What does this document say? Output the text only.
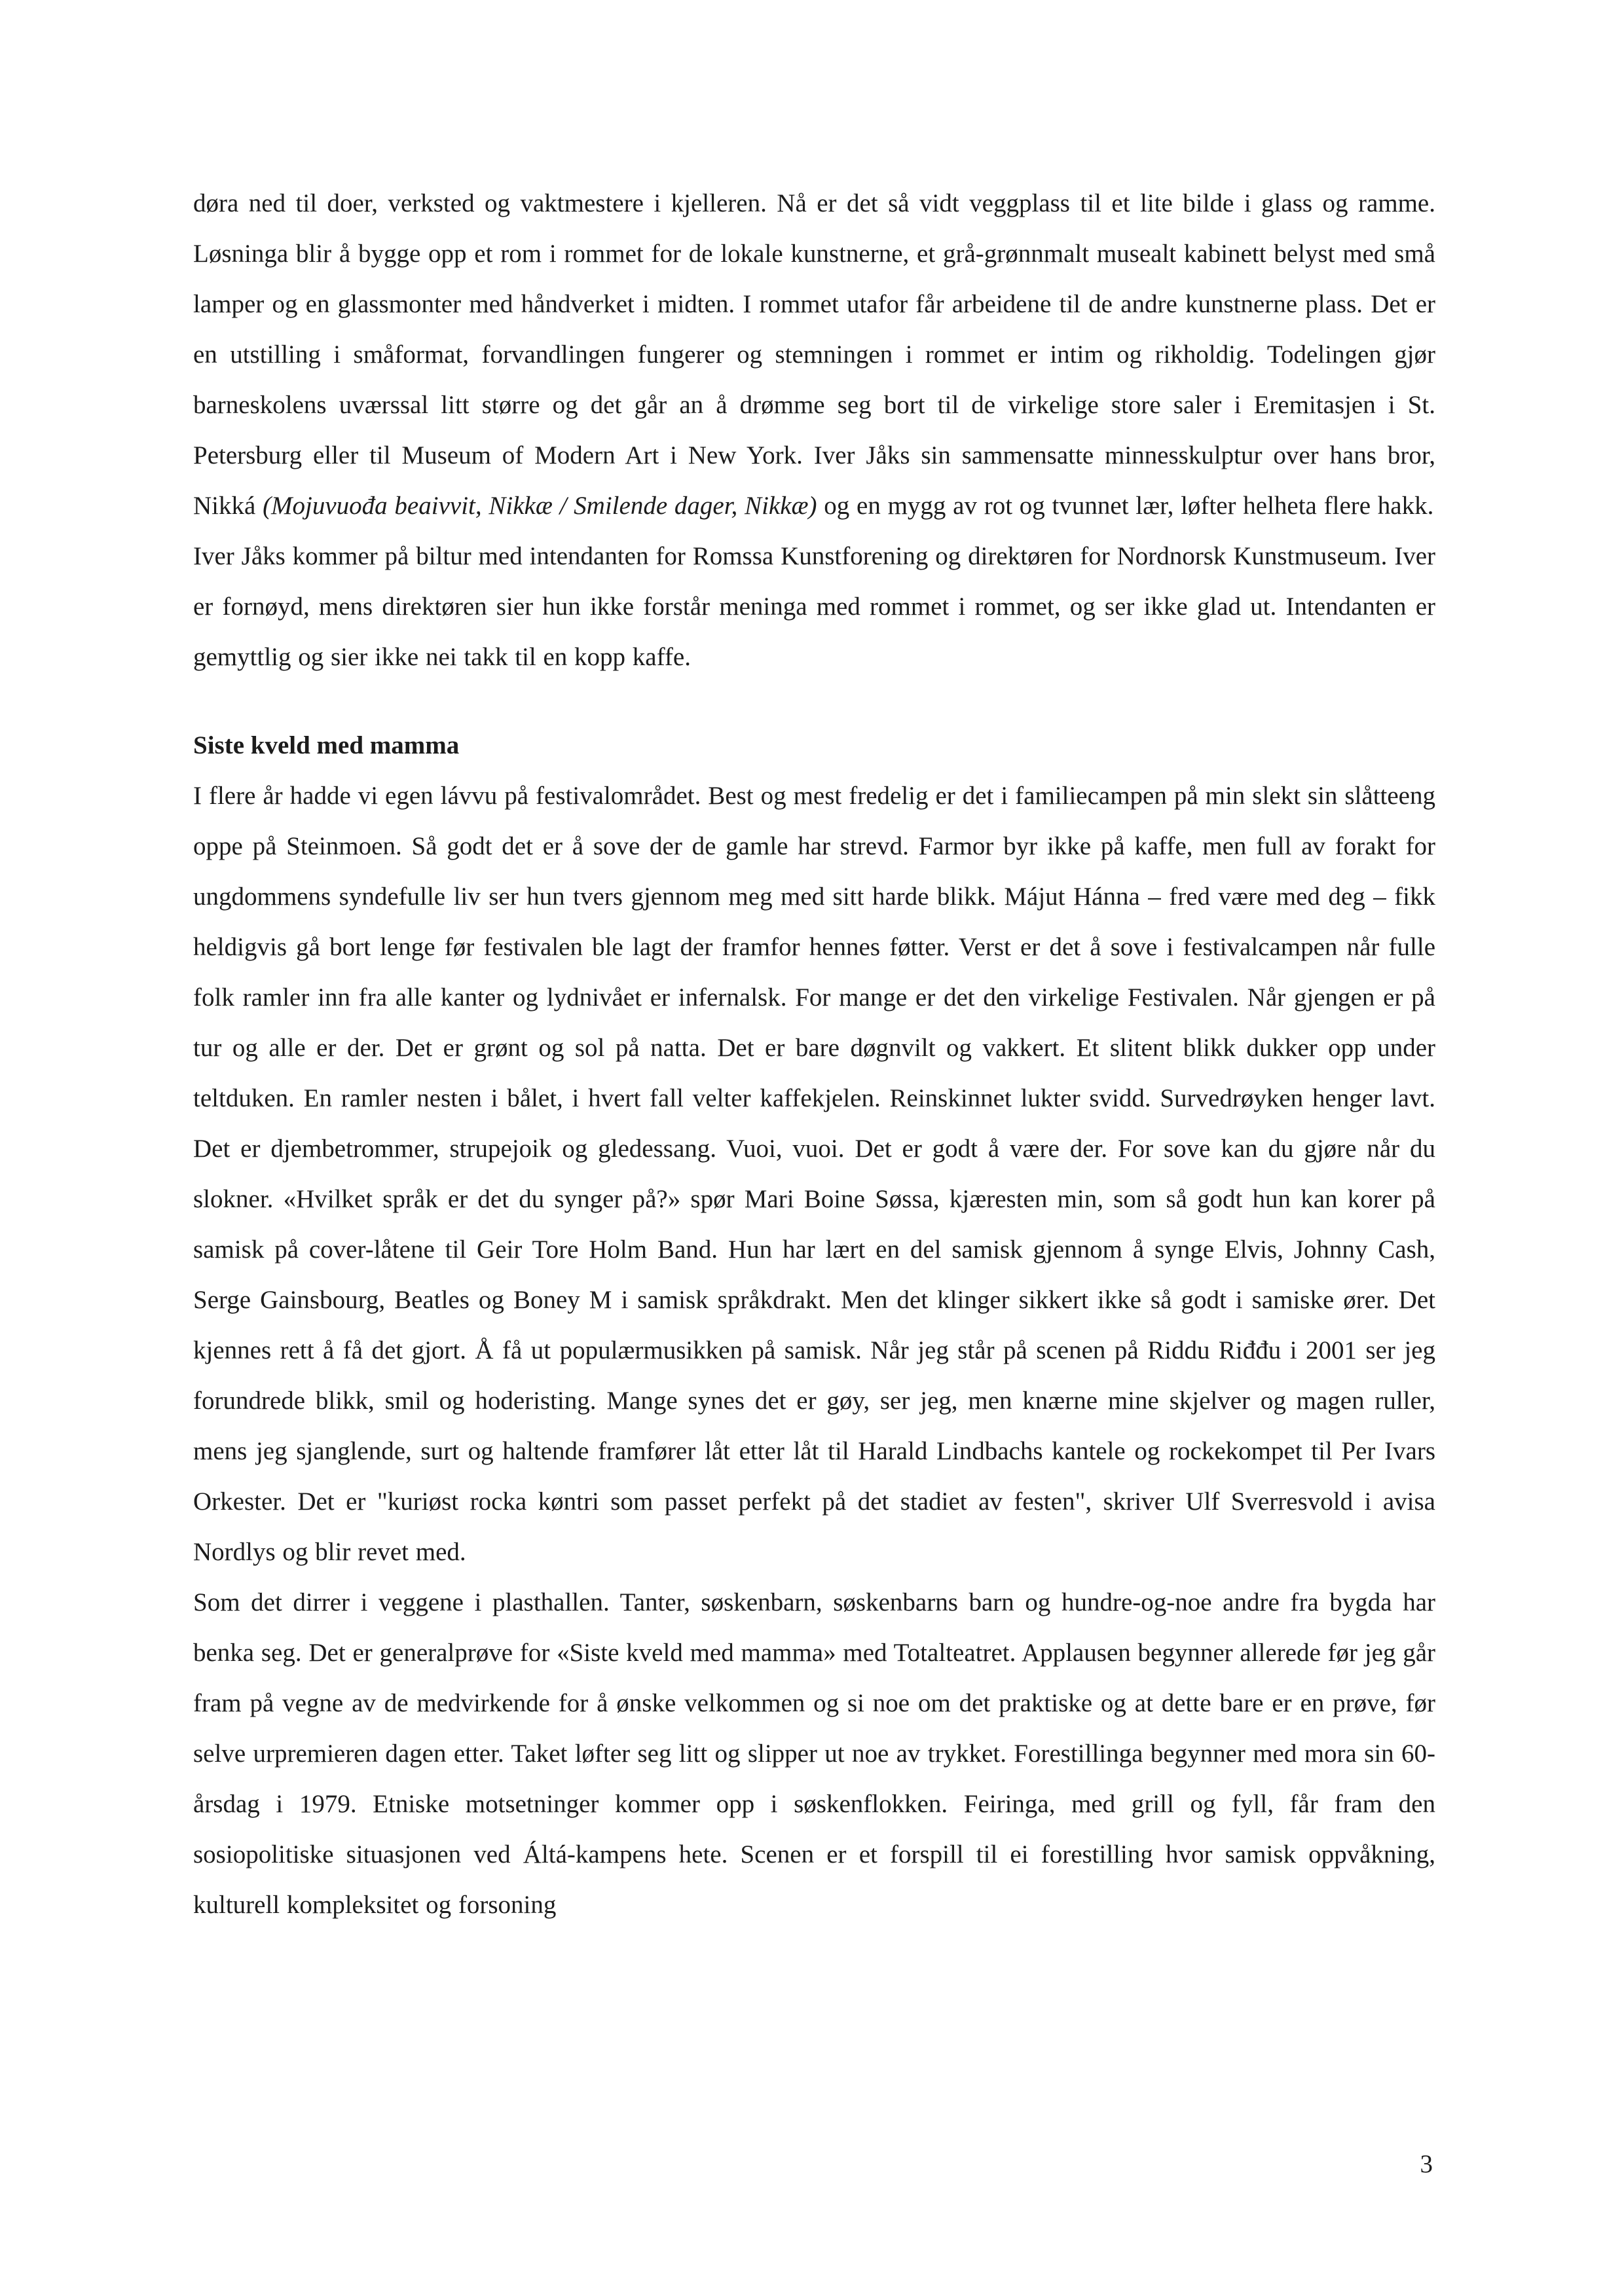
døra ned til doer, verksted og vaktmestere i kjelleren. Nå er det så vidt veggplass til et lite bilde i glass og ramme. Løsninga blir å bygge opp et rom i rommet for de lokale kunstnerne, et grå-grønnmalt musealt kabinett belyst med små lamper og en glassmonter med håndverket i midten. I rommet utafor får arbeidene til de andre kunstnerne plass. Det er en utstilling i småformat, forvandlingen fungerer og stemningen i rommet er intim og rikholdig. Todelingen gjør barneskolens uværssal litt større og det går an å drømme seg bort til de virkelige store saler i Eremitasjen i St. Petersburg eller til Museum of Modern Art i New York. Iver Jåks sin sammensatte minnesskulptur over hans bror, Nikká (Mojuvuođa beaivvit, Nikkæ / Smilende dager, Nikkæ) og en mygg av rot og tvunnet lær, løfter helheta flere hakk.

Iver Jåks kommer på biltur med intendanten for Romssa Kunstforening og direktøren for Nordnorsk Kunstmuseum. Iver er fornøyd, mens direktøren sier hun ikke forstår meninga med rommet i rommet, og ser ikke glad ut. Intendanten er gemyttlig og sier ikke nei takk til en kopp kaffe.

Siste kveld med mamma

I flere år hadde vi egen lávvu på festivalområdet. Best og mest fredelig er det i familiecampen på min slekt sin slåtteeng oppe på Steinmoen. Så godt det er å sove der de gamle har strevd. Farmor byr ikke på kaffe, men full av forakt for ungdommens syndefulle liv ser hun tvers gjennom meg med sitt harde blikk. Májut Hánna – fred være med deg – fikk heldigvis gå bort lenge før festivalen ble lagt der framfor hennes føtter. Verst er det å sove i festivalcampen når fulle folk ramler inn fra alle kanter og lydnivået er infernalsk. For mange er det den virkelige Festivalen. Når gjengen er på tur og alle er der. Det er grønt og sol på natta. Det er bare døgnvilt og vakkert. Et slitent blikk dukker opp under teltduken. En ramler nesten i bålet, i hvert fall velter kaffekjelen. Reinskinnet lukter svidd. Survedrøyken henger lavt. Det er djembetrommer, strupejoik og gledessang. Vuoi, vuoi. Det er godt å være der. For sove kan du gjøre når du slokner. «Hvilket språk er det du synger på?» spør Mari Boine Søssa, kjæresten min, som så godt hun kan korer på samisk på cover-låtene til Geir Tore Holm Band. Hun har lært en del samisk gjennom å synge Elvis, Johnny Cash, Serge Gainsbourg, Beatles og Boney M i samisk språkdrakt. Men det klinger sikkert ikke så godt i samiske ører. Det kjennes rett å få det gjort. Å få ut populærmusikken på samisk. Når jeg står på scenen på Riddu Riđđu i 2001 ser jeg forundrede blikk, smil og hoderisting. Mange synes det er gøy, ser jeg, men knærne mine skjelver og magen ruller, mens jeg sjanglende, surt og haltende framfører låt etter låt til Harald Lindbachs kantele og rockekompet til Per Ivars Orkester. Det er "kuriøst rocka køntri som passet perfekt på det stadiet av festen", skriver Ulf Sverresvold i avisa Nordlys og blir revet med.

Som det dirrer i veggene i plasthallen. Tanter, søskenbarn, søskenbarns barn og hundre-og-noe andre fra bygda har benka seg. Det er generalprøve for «Siste kveld med mamma» med Totalteatret. Applausen begynner allerede før jeg går fram på vegne av de medvirkende for å ønske velkommen og si noe om det praktiske og at dette bare er en prøve, før selve urpremieren dagen etter. Taket løfter seg litt og slipper ut noe av trykket. Forestillinga begynner med mora sin 60-årsdag i 1979. Etniske motsetninger kommer opp i søskenflokken. Feiringa, med grill og fyll, får fram den sosiopolitiske situasjonen ved Áltá-kampens hete. Scenen er et forspill til ei forestilling hvor samisk oppvåkning, kulturell kompleksitet og forsoning

3
